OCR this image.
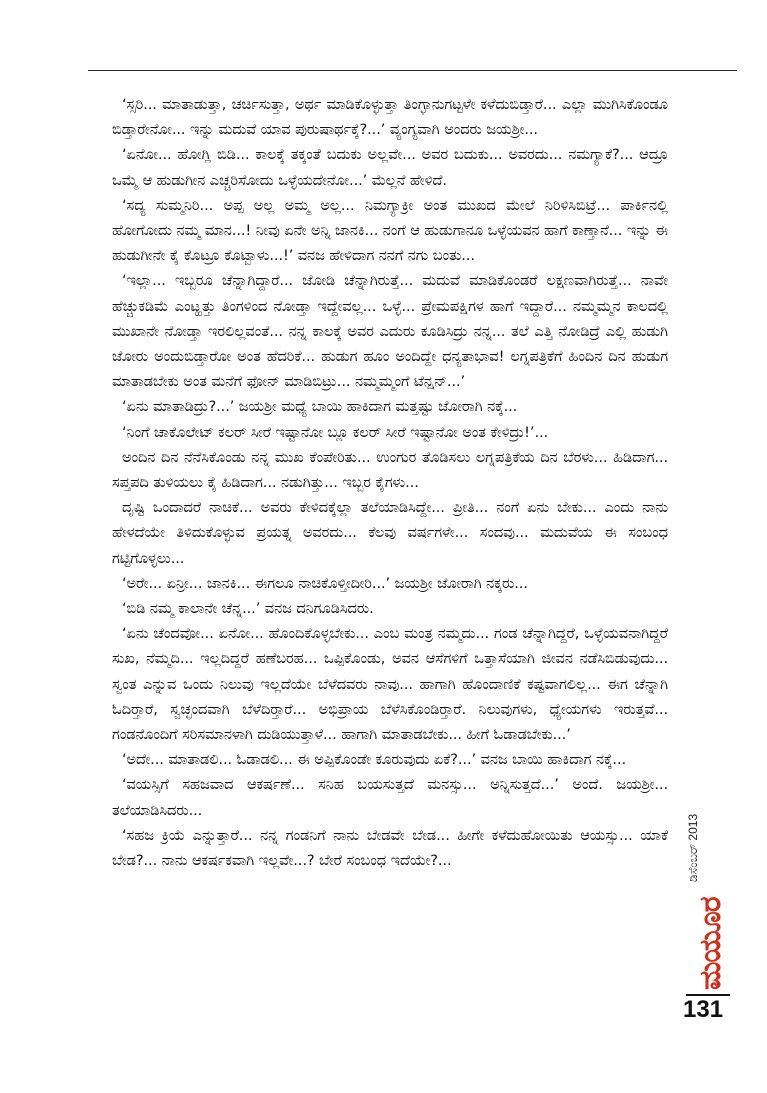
‘ಸ್ಸರಿ... ಮಾತಾಡುತ್ತಾ, ಚರ್ಚಿಸುತ್ತಾ, ಅರ್ಥ ಮಾಡಿಕೊಳ್ಳುತ್ತಾ ತಿಂಗ್ಳಾನುಗಟ್ಟಳೇ ಕಳೆದುಬಿಡ್ತಾರೆ... ಎಲ್ಲಾ ಮುಗಿಸಿಕೊಂಡೂ ಬಿಡ್ತಾರೇನೋ... ಇನ್ನು ಮದುವೆ ಯಾವ ಪುರುಷಾರ್ಥಕ್ಕೆ?...’ ವ್ಯಂಗ್ಯವಾಗಿ ಅಂದರು ಜಯಶ್ರೀ...

‘ಏನೋ... ಹೋಗ್ಲಿ ಬಿಡಿ... ಕಾಲಕ್ಕೆ ತಕ್ಕಂತೆ ಬದುಕು ಅಲ್ಲವೇ... ಅವರ ಬದುಕು... ಅವರದು... ನಮಗ್ಯಾಕೆ?... ಆದ್ರೂ ಒಮ್ಮೆ ಆ ಹುಡುಗೀನ ಎಚ್ಚರಿಸೋದು ಒಳ್ಳೆಯದೇನೋ...’ ಮೆಲ್ಲನೆ ಹೇಳಿದೆ.

‘ಸದ್ಯ ಸುಮ್ಮನಿರಿ... ಅಪ್ಪ ಅಲ್ಲ ಅಮ್ಮ ಅಲ್ಲ... ನಿಮಗ್ಯಾಕ್ರೀ ಅಂತ ಮುಖದ ಮೇಲೆ ನಿರಿಳಿಸಿಬಿಟ್ರೆ... ಪಾರ್ಕಿನಲ್ಲಿ ಹೋಗೋದು ನಮ್ಮ ಮಾನ...! ನೀವು ಏನೇ ಅನ್ನಿ ಜಾನಕಿ... ನಂಗೆ ಆ ಹುಡುಗಾನೂ ಒಳ್ಳೆಯವನ ಹಾಗೆ ಕಾಣ್ತಾನೆ... ಇನ್ನು ಈ ಹುಡುಗೀನೇ ಕೈ ಕೊಟ್ರೂ ಕೊಟ್ಬಾಳು...!’ ವನಜ ಹೇಳಿದಾಗ ನನಗೆ ನಗು ಬಂತು...

‘ಇಲ್ಲಾ... ಇಬ್ಬರೂ ಚೆನ್ನಾಗಿದ್ದಾರೆ... ಜೋಡಿ ಚೆನ್ನಾಗಿರುತ್ತೆ... ಮದುವೆ ಮಾಡಿಕೊಂಡರೆ ಲಕ್ಷಣವಾಗಿರುತ್ತೆ... ನಾವೇ ಹೆಚ್ಚುಕಡಿಮೆ ಎಂಟ್ಹತ್ತು ತಿಂಗಳಿಂದ ನೋಡ್ತಾ ಇದ್ದೇವಲ್ಲ... ಒಳ್ಳೆ... ಪ್ರೇಮಪಕ್ಷಿಗಳ ಹಾಗೆ ಇದ್ದಾರೆ... ನಮ್ಮಮ್ಮನ ಕಾಲದಲ್ಲಿ ಮುಖಾನೇ ನೋಡ್ತಾ ಇರಲಿಲ್ಲವಂತೆ... ನನ್ನ ಕಾಲಕ್ಕೆ ಅವರ ಎದುರು ಕೂಡಿಸಿದ್ರು ನನ್ನ... ತಲೆ ಎತ್ತಿ ನೋಡಿದ್ರೆ ಎಲ್ಲಿ ಹುಡುಗಿ ಜೋರು ಅಂದುಬಿಡ್ತಾರೋ ಅಂತ ಹೆದರಿಕೆ... ಹುಡುಗ ಹೂಂ ಅಂದಿದ್ದೇ ಧನ್ಯತಾಭಾವ! ಲಗ್ನಪತ್ರಿಕೆಗೆ ಹಿಂದಿನ ದಿನ ಹುಡುಗ ಮಾತಾಡಬೇಕು ಅಂತ ಮನೆಗೆ ಫೋನ್ ಮಾಡಿಬಿಟ್ರು... ನಮ್ಮಮ್ಮಂಗೆ ಟೆನ್ಷನ್...’

‘ಏನು ಮಾತಾಡಿದ್ರು?...’ ಜಯಶ್ರೀ ಮಧ್ಯೆ ಬಾಯಿ ಹಾಕಿದಾಗ ಮತ್ತಷ್ಟು ಜೋರಾಗಿ ನಕ್ಕೆ...

‘ನಿಂಗೆ ಚಾಕೊಲೇಟ್ ಕಲರ್ ಸೀರೆ ಇಷ್ಟಾನೋ ಬ್ಲೂ ಕಲರ್ ಸೀರೆ ಇಷ್ಟಾನೋ ಅಂತ ಕೇಳಿದ್ರು!’...

ಅಂದಿನ ದಿನ ನೆನೆಸಿಕೊಂಡು ನನ್ನ ಮುಖ ಕೆಂಪೇರಿತು... ಉಂಗುರ ತೊಡಿಸಲು ಲಗ್ನಪತ್ರಿಕೆಯ ದಿನ ಬೆರಳು... ಹಿಡಿದಾಗ... ಸಪ್ತಪದಿ ತುಳಿಯಲು ಕೈ ಹಿಡಿದಾಗ... ನಡುಗಿತ್ತು... ಇಬ್ಬರ ಕೈಗಳು...

ದೃಷ್ಟಿ ಒಂದಾದರೆ ನಾಚಿಕೆ... ಅವರು ಕೇಳಿದಕ್ಕೆಲ್ಲಾ ತಲೆಯಾಡಿಸಿದ್ದೇ... ಪ್ರೀತಿ... ನಂಗೆ ಏನು ಬೇಕು... ಎಂದು ನಾನು ಹೇಳದೆಯೇ ತಿಳಿದುಕೊಳ್ಳುವ ಪ್ರಯತ್ನ ಅವರದು... ಕೆಲವು ವರ್ಷಗಳೇ... ಸಂದವು... ಮದುವೆಯ ಈ ಸಂಬಂಧ ಗಟ್ಟಿಗೊಳ್ಳಲು...

‘ಅರೇ... ಏನ್ರೀ... ಜಾನಕಿ... ಈಗಲೂ ನಾಚಿಕೊಳ್ತೀದೀರಿ...’ ಜಯಶ್ರೀ ಜೋರಾಗಿ ನಕ್ಕರು...

‘ಬಿಡಿ ನಮ್ಮ ಕಾಲಾನೇ ಚೆನ್ನ...’ ವನಜ ದನಿಗೂಡಿಸಿದರು.

‘ಏನು ಚೆಂದವೋ... ಏನೋ... ಹೊಂದಿಕೊಳ್ಳಬೇಕು... ಎಂಬ ಮಂತ್ರ ನಮ್ಮದು... ಗಂಡ ಚೆನ್ನಾಗಿದ್ದರೆ, ಒಳ್ಳೆಯವನಾಗಿದ್ದರೆ ಸುಖ, ನೆಮ್ಮದಿ... ಇಲ್ಲದಿದ್ದರೆ ಹಣೆಬರಹ... ಒಪ್ಪಿಕೊಂಡು, ಅವನ ಆಸೆಗಳಿಗೆ ಒತ್ತಾಸೆಯಾಗಿ ಜೀವನ ನಡೆಸಿಬಿಡುವುದು... ಸ್ವಂತ ಎನ್ನುವ ಒಂದು ನಿಲುವು ಇಲ್ಲದೆಯೇ ಬೆಳೆದವರು ನಾವು... ಹಾಗಾಗಿ ಹೊಂದಾಣಿಕೆ ಕಷ್ಟವಾಗಲಿಲ್ಲ... ಈಗ ಚೆನ್ನಾಗಿ ಓದಿರ್‍ತಾರೆ, ಸ್ವಚ್ಛಂದವಾಗಿ ಬೆಳೆದಿರ್‍ತಾರೆ... ಅಭಿಪ್ರಾಯ ಬೆಳೆಸಿಕೊಂಡಿರ್‍ತಾರೆ. ನಿಲುವುಗಳು, ಧ್ಯೇಯಗಳು ಇರುತ್ತವೆ... ಗಂಡನೊಂದಿಗೆ ಸರಿಸಮಾನಳಾಗಿ ದುಡಿಯುತ್ತಾಳೆ... ಹಾಗಾಗಿ ಮಾತಾಡಬೇಕು... ಹೀಗೆ ಓಡಾಡಬೇಕು...’

‘ಅದೇ... ಮಾತಾಡಲಿ... ಓಡಾಡಲಿ... ಈ ಅಪ್ಪಿಕೊಂಡೇ ಕೂರುವುದು ಏಕೆ?...’ ವನಜ ಬಾಯಿ ಹಾಕಿದಾಗ ನಕ್ಕೆ...

‘ವಯಸ್ಸಿಗೆ ಸಹಜವಾದ ಆಕರ್ಷಣೆ... ಸನಿಹ ಬಯಸುತ್ತದೆ ಮನಸ್ಸು... ಅನ್ನಿಸುತ್ತದೆ...’ ಅಂದೆ. ಜಯಶ್ರೀ... ತಲೆಯಾಡಿಸಿದರು...

‘ಸಹಜ ಕ್ರಿಯೆ ಎನ್ನುತ್ತಾರೆ... ನನ್ನ ಗಂಡನಿಗೆ ನಾನು ಬೇಡವೇ ಬೇಡ... ಹೀಗೇ ಕಳೆದುಹೋಯಿತು ಆಯಸ್ಸು... ಯಾಕೆ ಬೇಡ?... ನಾನು ಆಕರ್ಷಕವಾಗಿ ಇಲ್ಲವೇ...? ಬೇರೆ ಸಂಬಂಧ ಇದೆಯೇ?...	ಡಿಸೆಂಬರ್ 2013
ಮಯೂರ
131
